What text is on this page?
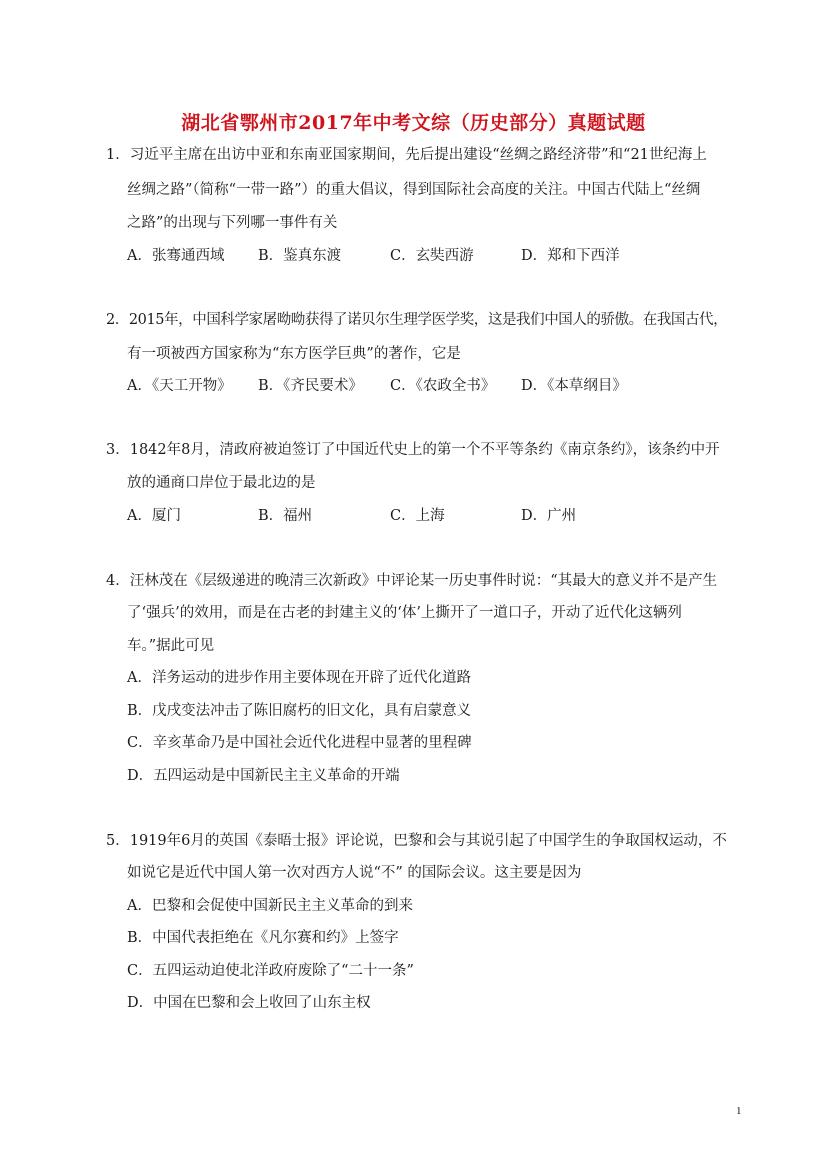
湖北省鄂州市2017年中考文综（历史部分）真题试题
1．习近平主席在出访中亚和东南亚国家期间，先后提出建设“丝绸之路经济带”和“21世纪海上
丝绸之路”（简称“一带一路”）的重大倡议，得到国际社会高度的关注。中国古代陆上“丝绸
之路”的出现与下列哪一事件有关
A．张骞通西域 B．鉴真东渡	C．玄奘西游	D．郑和下西洋
2．2015年，中国科学家屠呦呦获得了诺贝尔生理学医学奖，这是我们中国人的骄傲。在我国古代，
有一项被西方国家称为“东方医学巨典”的著作，它是
A．《天工开物》 B．《齐民要术》 C．《农政全书》 D．《本草纲目》
3．1842年8月，清政府被迫签订了中国近代史上的第一个不平等条约《南京条约》，该条约中开
放的通商口岸位于最北边的是
A．厦门	B．福州	C．上海	D．广州
4．汪林茂在《层级递进的晚清三次新政》中评论某一历史事件时说：“其最大的意义并不是产生
了‘强兵’的效用，而是在古老的封建主义的‘体’上撕开了一道口子，开动了近代化这辆列
车。”据此可见
A．洋务运动的进步作用主要体现在开辟了近代化道路
B．戊戌变法冲击了陈旧腐朽的旧文化，具有启蒙意义
C．辛亥革命乃是中国社会近代化进程中显著的里程碑
D．五四运动是中国新民主主义革命的开端
5．1919年6月的英国《泰晤士报》评论说，巴黎和会与其说引起了中国学生的争取国权运动，不
如说它是近代中国人第一次对西方人说“不” 的国际会议。这主要是因为
A．巴黎和会促使中国新民主主义革命的到来
B．中国代表拒绝在《凡尔赛和约》上签字
C．五四运动迫使北洋政府废除了“二十一条”
D．中国在巴黎和会上收回了山东主权
1
